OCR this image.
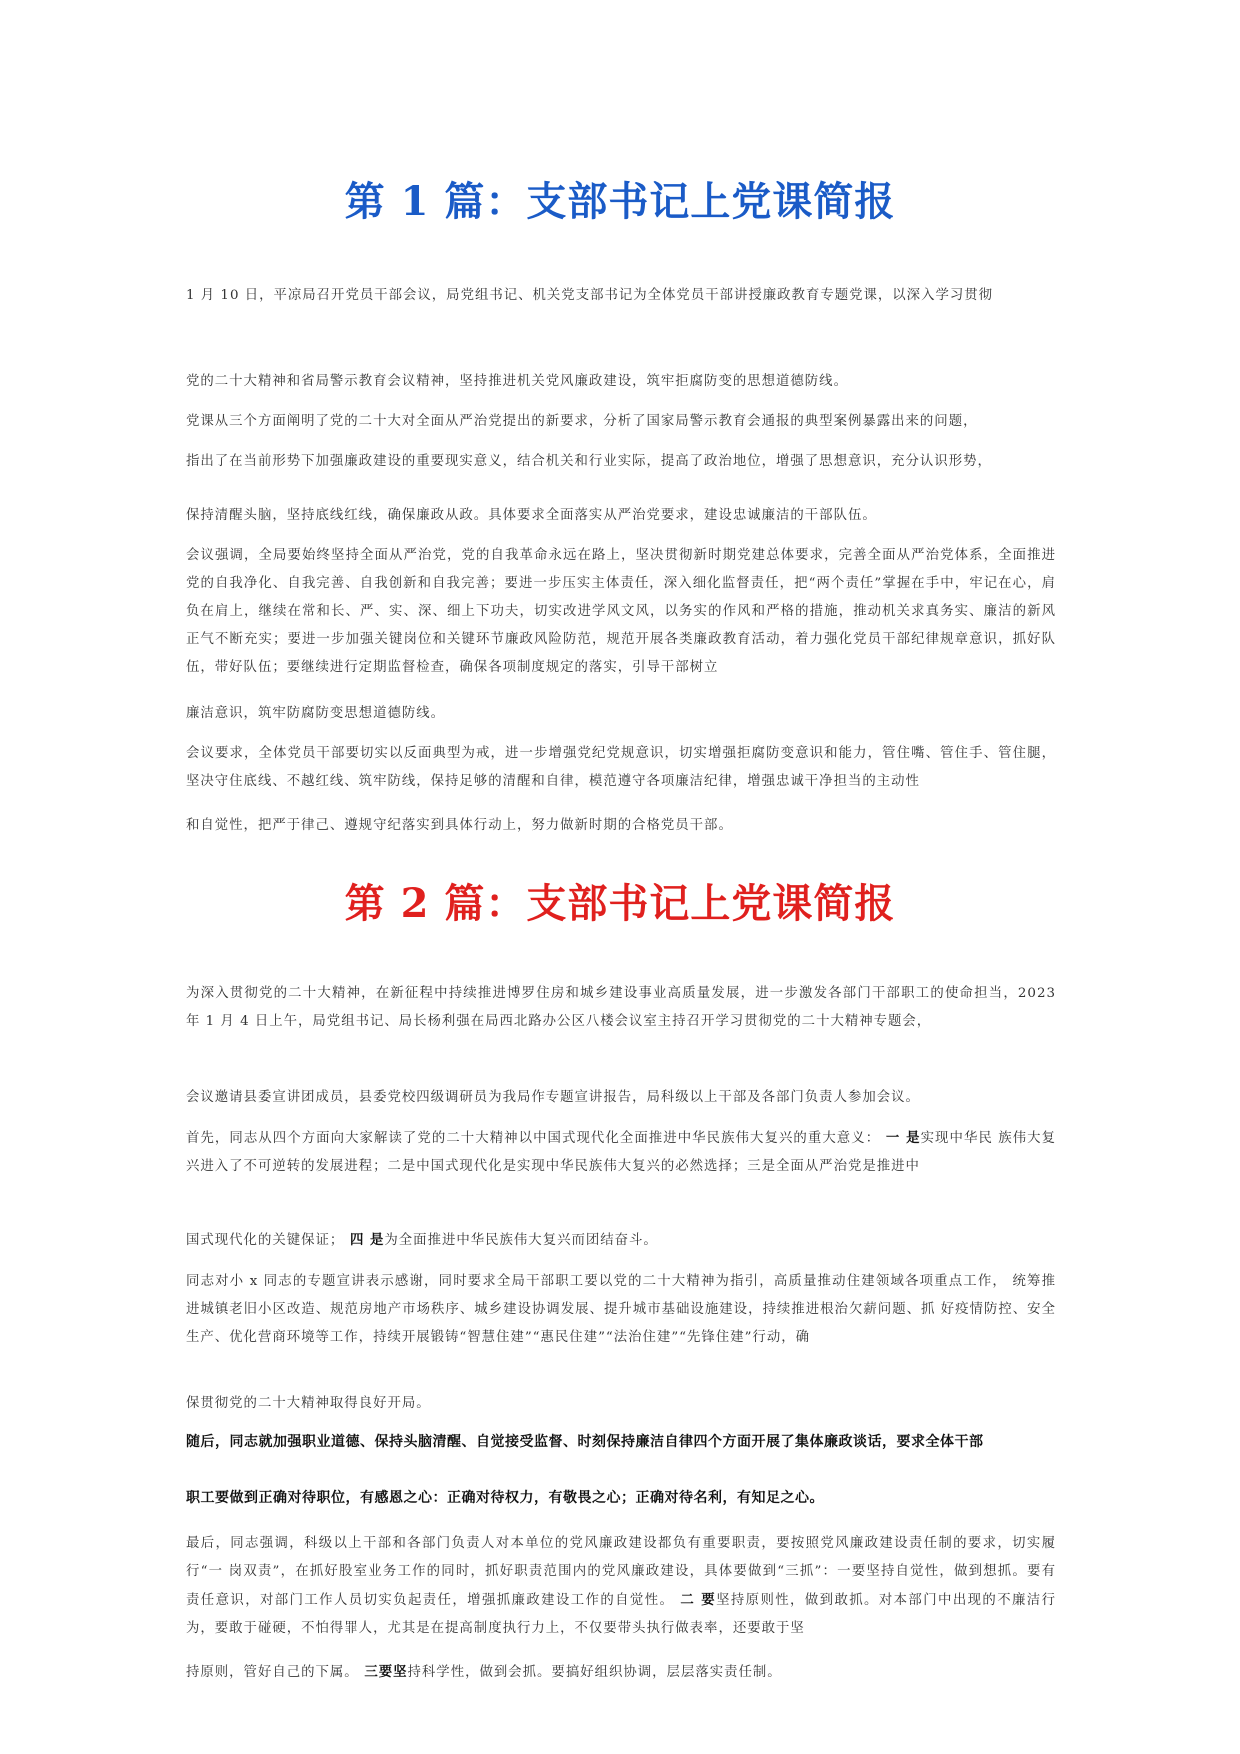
第 1 篇：支部书记上党课简报

1 月 10 日，平凉局召开党员干部会议，局党组书记、机关党支部书记为全体党员干部讲授廉政教育专题党课，以深入学习贯彻

党的二十大精神和省局警示教育会议精神，坚持推进机关党风廉政建设，筑牢拒腐防变的思想道德防线。

党课从三个方面阐明了党的二十大对全面从严治党提出的新要求，分析了国家局警示教育会通报的典型案例暴露出来的问题，

指出了在当前形势下加强廉政建设的重要现实意义，结合机关和行业实际，提高了政治地位，增强了思想意识，充分认识形势，

保持清醒头脑，坚持底线红线，确保廉政从政。具体要求全面落实从严治党要求，建设忠诚廉洁的干部队伍。

会议强调，全局要始终坚持全面从严治党，党的自我革命永远在路上，坚决贯彻新时期党建总体要求，完善全面从严治党体系，全面推进党的自我净化、自我完善、自我创新和自我完善；要进一步压实主体责任，深入细化监督责任，把“两个责任”掌握在手中，牢记在心，肩负在肩上，继续在常和长、严、实、深、细上下功夫，切实改进学风文风，以务实的作风和严格的措施，推动机关求真务实、廉洁的新风正气不断充实；要进一步加强关键岗位和关键环节廉政风险防范，规范开展各类廉政教育活动，着力强化党员干部纪律规章意识，抓好队伍，带好队伍；要继续进行定期监督检查，确保各项制度规定的落实，引导干部树立

廉洁意识，筑牢防腐防变思想道德防线。

会议要求，全体党员干部要切实以反面典型为戒，进一步增强党纪党规意识，切实增强拒腐防变意识和能力，管住嘴、管住手、管住腿，坚决守住底线、不越红线、筑牢防线，保持足够的清醒和自律，模范遵守各项廉洁纪律，增强忠诚干净担当的主动性

和自觉性，把严于律己、遵规守纪落实到具体行动上，努力做新时期的合格党员干部。

第 2 篇：支部书记上党课简报

为深入贯彻党的二十大精神，在新征程中持续推进博罗住房和城乡建设事业高质量发展，进一步激发各部门干部职工的使命担当，2023 年 1 月 4 日上午，局党组书记、局长杨利强在局西北路办公区八楼会议室主持召开学习贯彻党的二十大精神专题会，

会议邀请县委宣讲团成员，县委党校四级调研员为我局作专题宣讲报告，局科级以上干部及各部门负责人参加会议。

首先，同志从四个方面向大家解读了党的二十大精神以中国式现代化全面推进中华民族伟大复兴的重大意义： 一 是实现中华民 族伟大复兴进入了不可逆转的发展进程；二是中国式现代化是实现中华民族伟大复兴的必然选择；三是全面从严治党是推进中

国式现代化的关键保证； 四 是为全面推进中华民族伟大复兴而团结奋斗。

同志对小 x 同志的专题宣讲表示感谢，同时要求全局干部职工要以党的二十大精神为指引，高质量推动住建领域各项重点工作， 统筹推进城镇老旧小区改造、规范房地产市场秩序、城乡建设协调发展、提升城市基础设施建设，持续推进根治欠薪问题、抓 好疫情防控、安全生产、优化营商环境等工作，持续开展锻铸“智慧住建”“惠民住建”“法治住建”“先锋住建”行动，确

保贯彻党的二十大精神取得良好开局。

随后，同志就加强职业道德、保持头脑清醒、自觉接受监督、时刻保持廉洁自律四个方面开展了集体廉政谈话，要求全体干部

职工要做到正确对待职位，有感恩之心：正确对待权力，有敬畏之心；正确对待名利，有知足之心。

最后，同志强调，科级以上干部和各部门负责人对本单位的党风廉政建设都负有重要职责，要按照党风廉政建设责任制的要求，切实履行“一 岗双责”，在抓好股室业务工作的同时，抓好职责范围内的党风廉政建设，具体要做到“三抓”：一要坚持自觉性，做到想抓。要有责任意识，对部门工作人员切实负起责任，增强抓廉政建设工作的自觉性。 二 要坚持原则性，做到敢抓。对本部门中出现的不廉洁行为，要敢于碰硬，不怕得罪人，尤其是在提高制度执行力上，不仅要带头执行做表率，还要敢于坚

持原则，管好自己的下属。 三要坚持科学性，做到会抓。要搞好组织协调，层层落实责任制。
